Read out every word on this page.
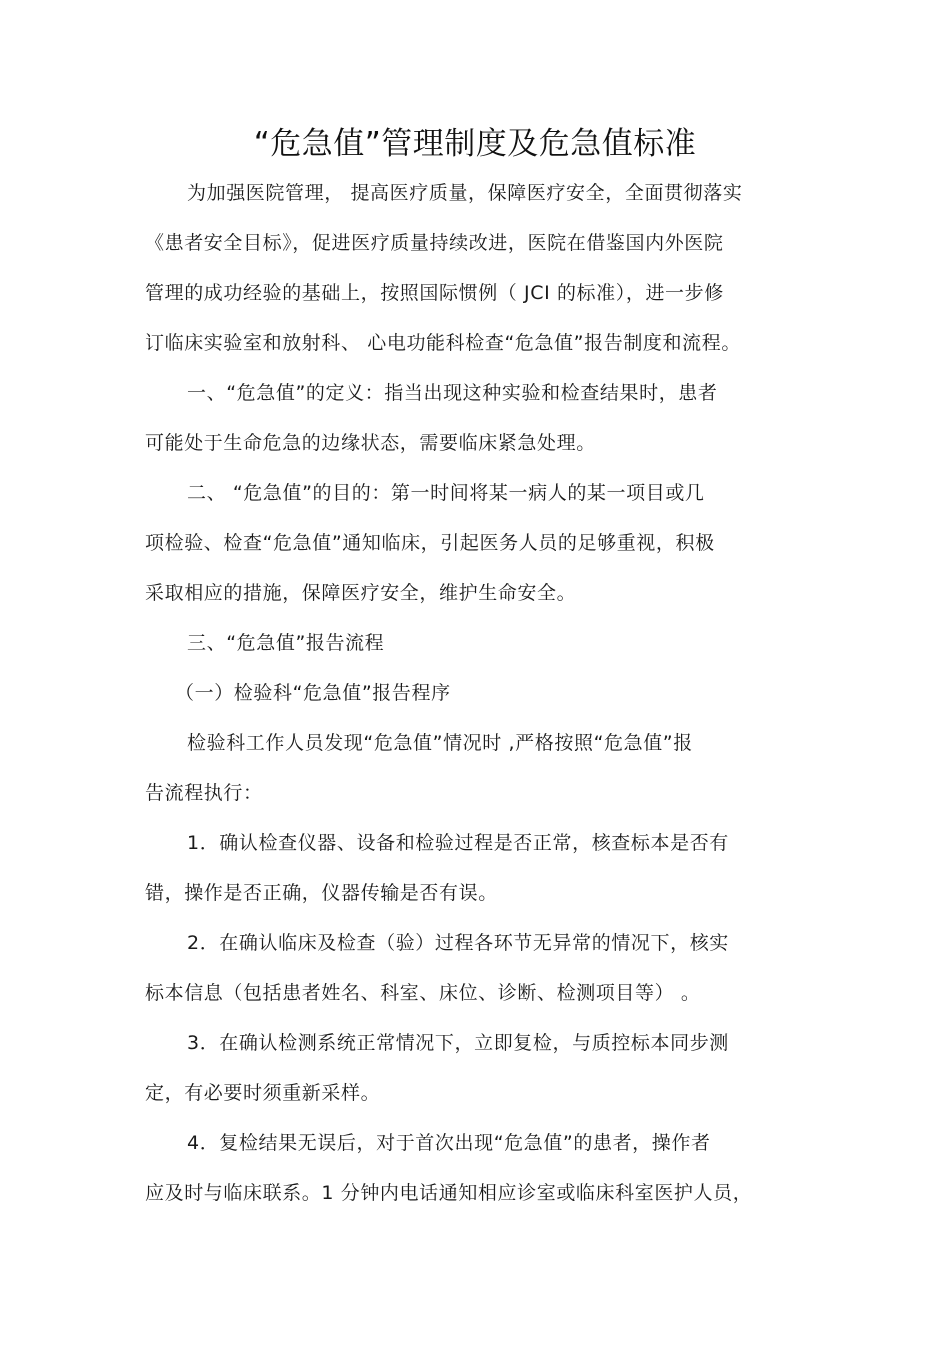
“危急值”管理制度及危急值标准
为加强医院管理， 提高医疗质量，保障医疗安全，全面贯彻落实
《患者安全目标》，促进医疗质量持续改进，医院在借鉴国内外医院
管理的成功经验的基础上，按照国际惯例（ JCI 的标准），进一步修
订临床实验室和放射科、 心电功能科检查“危急值”报告制度和流程。
一、“危急值”的定义：指当出现这种实验和检查结果时，患者
可能处于生命危急的边缘状态，需要临床紧急处理。
二、 “危急值”的目的：第一时间将某一病人的某一项目或几
项检验、检查“危急值”通知临床，引起医务人员的足够重视，积极
采取相应的措施，保障医疗安全，维护生命安全。
三、“危急值”报告流程
（一）检验科“危急值”报告程序
检验科工作人员发现“危急值”情况时 ,严格按照“危急值”报
告流程执行：
1．确认检查仪器、设备和检验过程是否正常，核查标本是否有
错，操作是否正确，仪器传输是否有误。
2．在确认临床及检查（验）过程各环节无异常的情况下，核实
标本信息（包括患者姓名、科室、床位、诊断、检测项目等） 。
3．在确认检测系统正常情况下，立即复检，与质控标本同步测
定，有必要时须重新采样。
4．复检结果无误后，对于首次出现“危急值”的患者，操作者
应及时与临床联系。1 分钟内电话通知相应诊室或临床科室医护人员，
